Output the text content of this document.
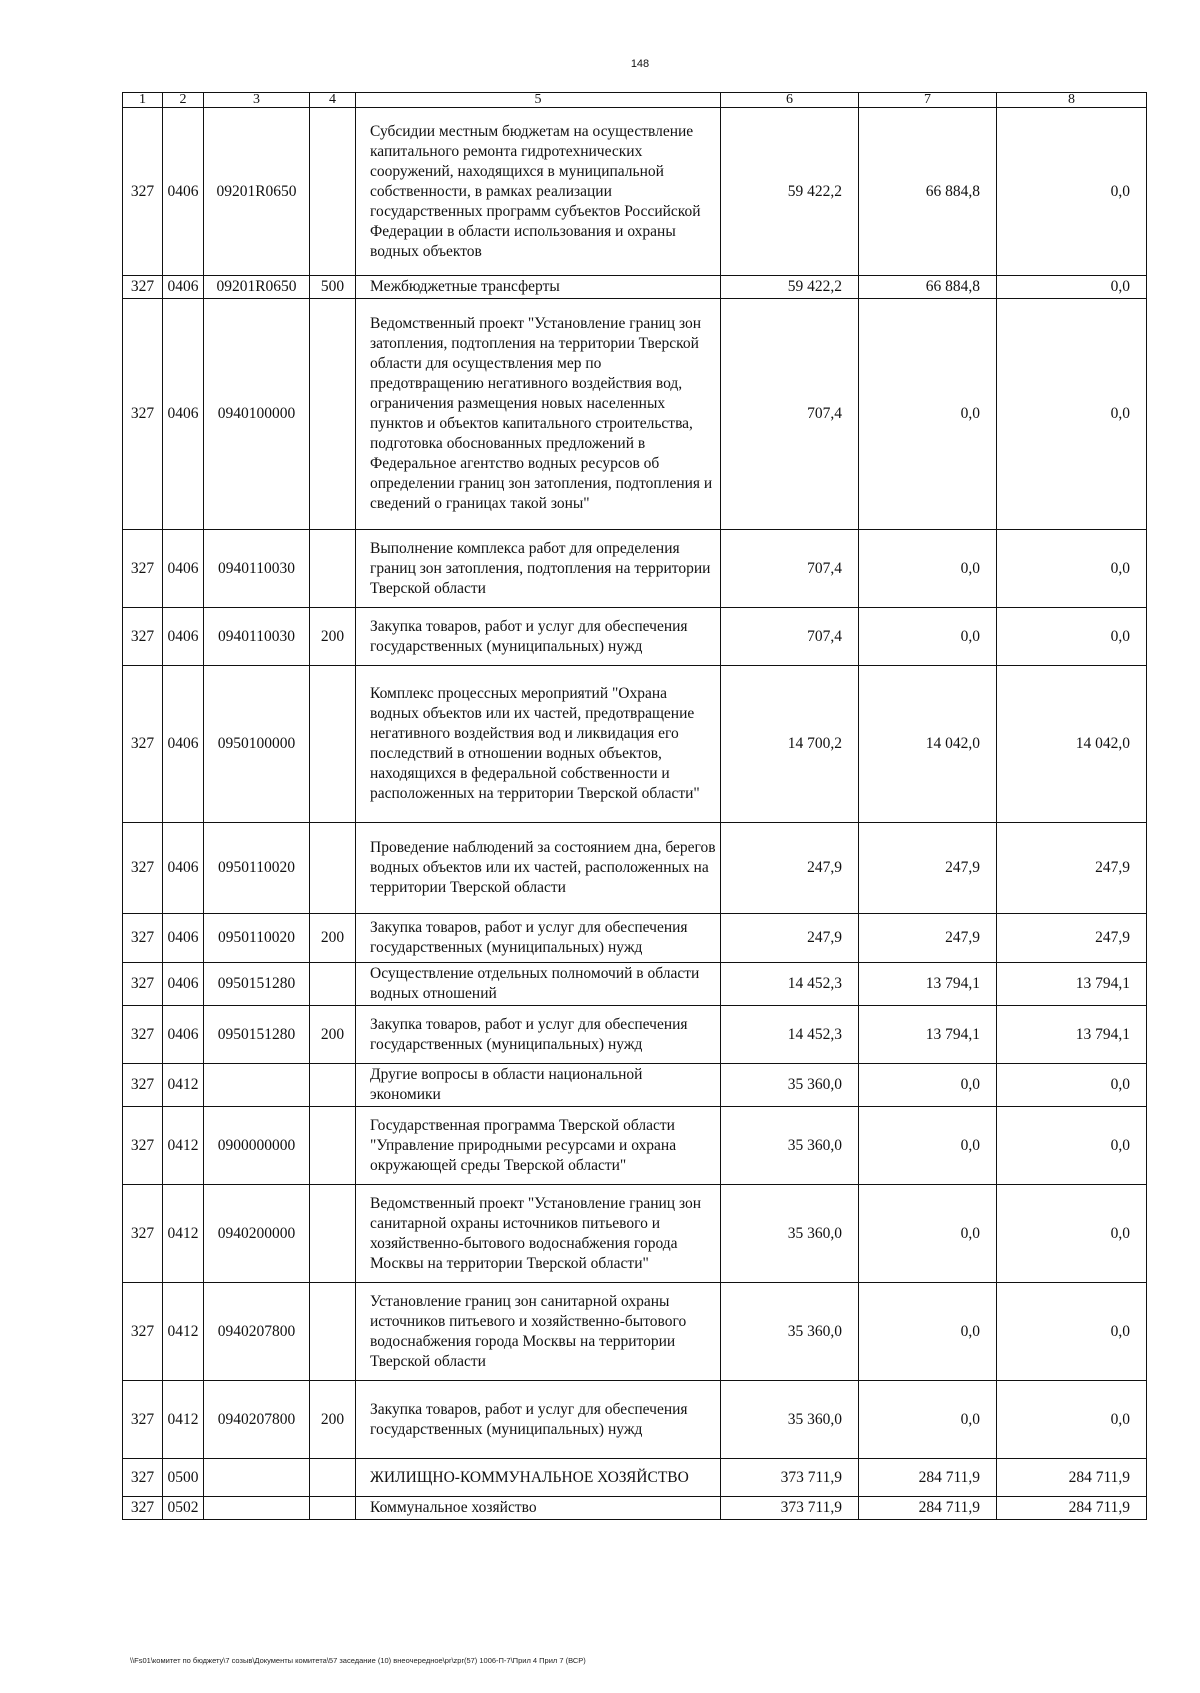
148
1	2	3	4	5	6	7	8
327	0406	09201R0650		Субсидии местным бюджетам на осуществление капитального ремонта гидротехнических сооружений, находящихся в муниципальной собственности, в рамках реализации государственных программ субъектов Российской Федерации в области использования и охраны водных объектов	59 422,2	66 884,8	0,0
327	0406	09201R0650	500	Межбюджетные трансферты	59 422,2	66 884,8	0,0
327	0406	0940100000		Ведомственный проект "Установление границ зон затопления, подтопления на территории Тверской области для осуществления мер по предотвращению негативного воздействия вод, ограничения размещения новых населенных пунктов и объектов капитального строительства, подготовка обоснованных предложений в Федеральное агентство водных ресурсов об определении границ зон затопления, подтопления и сведений о границах такой зоны"	707,4	0,0	0,0
327	0406	0940110030		Выполнение комплекса работ для определения границ зон затопления, подтопления на территории Тверской области	707,4	0,0	0,0
327	0406	0940110030	200	Закупка товаров, работ и услуг для обеспечения государственных (муниципальных) нужд	707,4	0,0	0,0
327	0406	0950100000		Комплекс процессных мероприятий "Охрана водных объектов или их частей, предотвращение негативного воздействия вод и ликвидация его последствий в отношении водных объектов, находящихся в федеральной собственности и расположенных на территории Тверской области"	14 700,2	14 042,0	14 042,0
327	0406	0950110020		Проведение наблюдений за состоянием дна, берегов водных объектов или их частей, расположенных на территории Тверской области	247,9	247,9	247,9
327	0406	0950110020	200	Закупка товаров, работ и услуг для обеспечения государственных (муниципальных) нужд	247,9	247,9	247,9
327	0406	0950151280		Осуществление отдельных полномочий в области водных отношений	14 452,3	13 794,1	13 794,1
327	0406	0950151280	200	Закупка товаров, работ и услуг для обеспечения государственных (муниципальных) нужд	14 452,3	13 794,1	13 794,1
327	0412			Другие вопросы в области национальной экономики	35 360,0	0,0	0,0
327	0412	0900000000		Государственная программа Тверской области "Управление природными ресурсами и охрана окружающей среды Тверской области"	35 360,0	0,0	0,0
327	0412	0940200000		Ведомственный проект "Установление границ зон санитарной охраны источников питьевого и хозяйственно-бытового водоснабжения города Москвы на территории Тверской области"	35 360,0	0,0	0,0
327	0412	0940207800		Установление границ зон санитарной охраны источников питьевого и хозяйственно-бытового водоснабжения города Москвы на территории Тверской области	35 360,0	0,0	0,0
327	0412	0940207800	200	Закупка товаров, работ и услуг для обеспечения государственных (муниципальных) нужд	35 360,0	0,0	0,0
327	0500			ЖИЛИЩНО-КОММУНАЛЬНОЕ ХОЗЯЙСТВО	373 711,9	284 711,9	284 711,9
327	0502			Коммунальное хозяйство	373 711,9	284 711,9	284 711,9
\\Fs01\комитет по бюджету\7 созыв\Документы комитета\57 заседание (10) внеочередное\pr\zpr(57) 1006-П-7\Прил 4 Прил 7 (ВСР)
